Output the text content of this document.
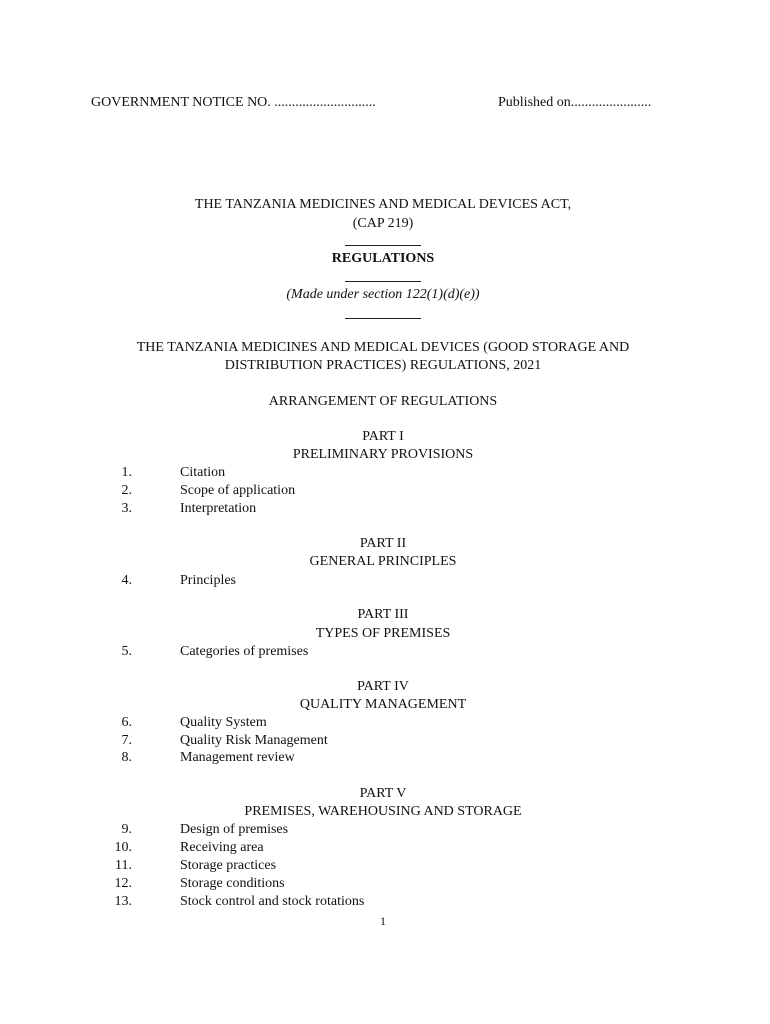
GOVERNMENT NOTICE NO. .............................	Published on.......................
THE TANZANIA MEDICINES AND MEDICAL DEVICES ACT,
(CAP 219)
REGULATIONS
(Made under section 122(1)(d)(e))
THE TANZANIA MEDICINES AND MEDICAL DEVICES (GOOD STORAGE AND
DISTRIBUTION PRACTICES) REGULATIONS, 2021
ARRANGEMENT OF REGULATIONS
PART I
PRELIMINARY PROVISIONS
1.	Citation
2.	Scope of application
3.	Interpretation
PART II
GENERAL PRINCIPLES
4.	Principles
PART III
TYPES OF PREMISES
5.	Categories of premises
PART IV
QUALITY MANAGEMENT
6.	Quality System
7.	Quality Risk Management
8.	Management review
PART V
PREMISES, WAREHOUSING AND STORAGE
9.	Design of premises
10.	Receiving area
11.	Storage practices
12.	Storage conditions
13.	Stock control and stock rotations
1
